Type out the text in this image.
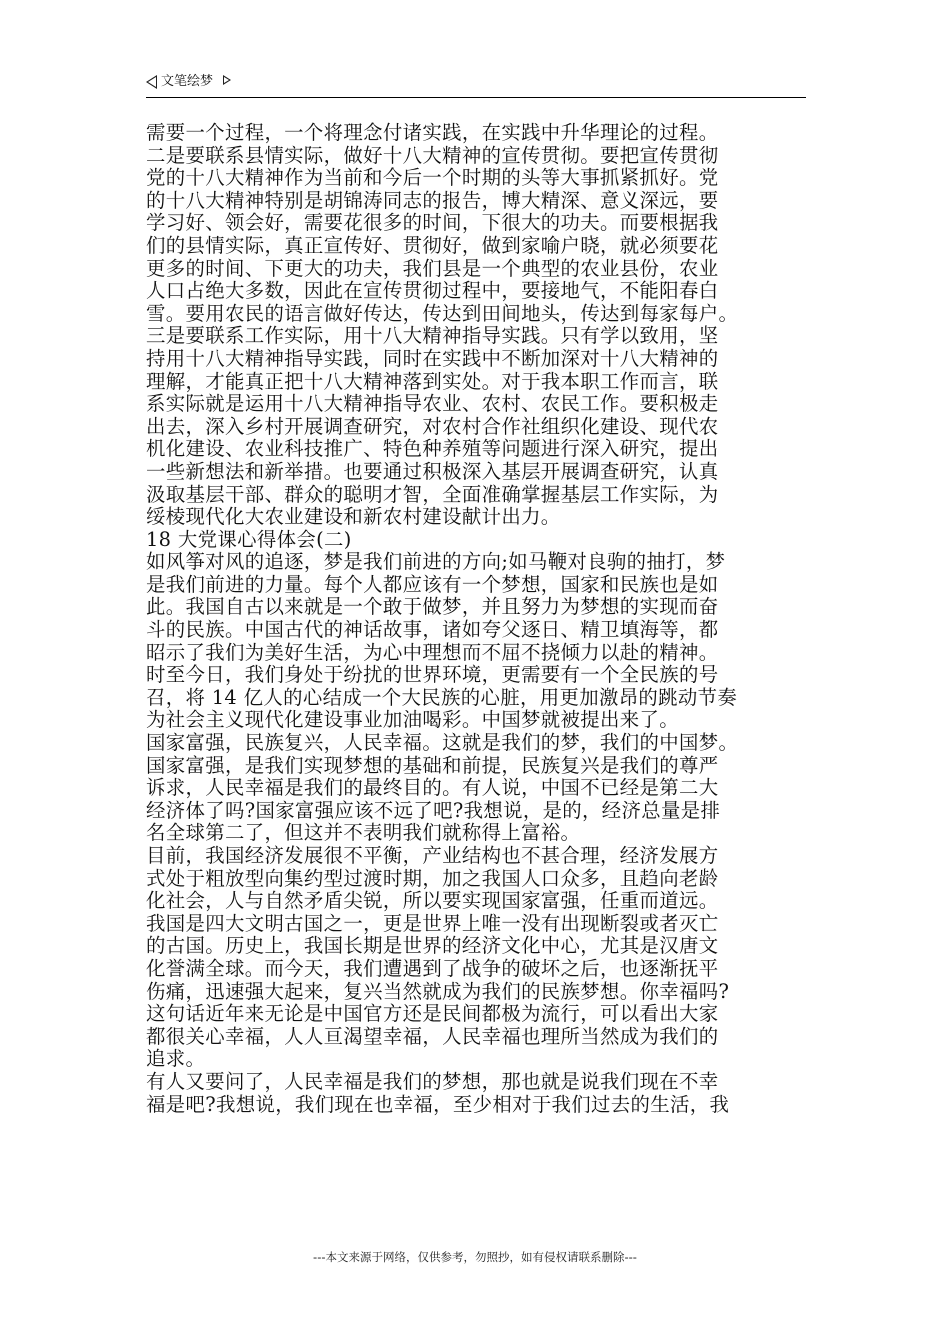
文笔绘梦
需要一个过程，一个将理念付诸实践，在实践中升华理论的过程。
二是要联系县情实际，做好十八大精神的宣传贯彻。要把宣传贯彻
党的十八大精神作为当前和今后一个时期的头等大事抓紧抓好。党
的十八大精神特别是胡锦涛同志的报告，博大精深、意义深远，要
学习好、领会好，需要花很多的时间，下很大的功夫。而要根据我
们的县情实际，真正宣传好、贯彻好，做到家喻户晓，就必须要花
更多的时间、下更大的功夫，我们县是一个典型的农业县份，农业
人口占绝大多数，因此在宣传贯彻过程中，要接地气，不能阳春白
雪。要用农民的语言做好传达，传达到田间地头，传达到每家每户。
三是要联系工作实际，用十八大精神指导实践。只有学以致用，坚
持用十八大精神指导实践，同时在实践中不断加深对十八大精神的
理解，才能真正把十八大精神落到实处。对于我本职工作而言，联
系实际就是运用十八大精神指导农业、农村、农民工作。要积极走
出去，深入乡村开展调查研究，对农村合作社组织化建设、现代农
机化建设、农业科技推广、特色种养殖等问题进行深入研究，提出
一些新想法和新举措。也要通过积极深入基层开展调查研究，认真
汲取基层干部、群众的聪明才智，全面准确掌握基层工作实际，为
绥棱现代化大农业建设和新农村建设献计出力。
18 大党课心得体会(二)
如风筝对风的追逐，梦是我们前进的方向;如马鞭对良驹的抽打，梦
是我们前进的力量。每个人都应该有一个梦想，国家和民族也是如
此。我国自古以来就是一个敢于做梦，并且努力为梦想的实现而奋
斗的民族。中国古代的神话故事，诸如夸父逐日、精卫填海等，都
昭示了我们为美好生活，为心中理想而不屈不挠倾力以赴的精神。
时至今日，我们身处于纷扰的世界环境，更需要有一个全民族的号
召，将 14 亿人的心结成一个大民族的心脏，用更加激昂的跳动节奏
为社会主义现代化建设事业加油喝彩。中国梦就被提出来了。
国家富强，民族复兴，人民幸福。这就是我们的梦，我们的中国梦。
国家富强，是我们实现梦想的基础和前提，民族复兴是我们的尊严
诉求，人民幸福是我们的最终目的。有人说，中国不已经是第二大
经济体了吗?国家富强应该不远了吧?我想说，是的，经济总量是排
名全球第二了，但这并不表明我们就称得上富裕。
目前，我国经济发展很不平衡，产业结构也不甚合理，经济发展方
式处于粗放型向集约型过渡时期，加之我国人口众多，且趋向老龄
化社会，人与自然矛盾尖锐，所以要实现国家富强，任重而道远。
我国是四大文明古国之一，更是世界上唯一没有出现断裂或者灭亡
的古国。历史上，我国长期是世界的经济文化中心，尤其是汉唐文
化誉满全球。而今天，我们遭遇到了战争的破坏之后，也逐渐抚平
伤痛，迅速强大起来，复兴当然就成为我们的民族梦想。你幸福吗?
这句话近年来无论是中国官方还是民间都极为流行，可以看出大家
都很关心幸福，人人亘渴望幸福，人民幸福也理所当然成为我们的
追求。
有人又要问了，人民幸福是我们的梦想，那也就是说我们现在不幸
福是吧?我想说，我们现在也幸福，至少相对于我们过去的生活，我
---本文来源于网络，仅供参考，勿照抄，如有侵权请联系删除---
